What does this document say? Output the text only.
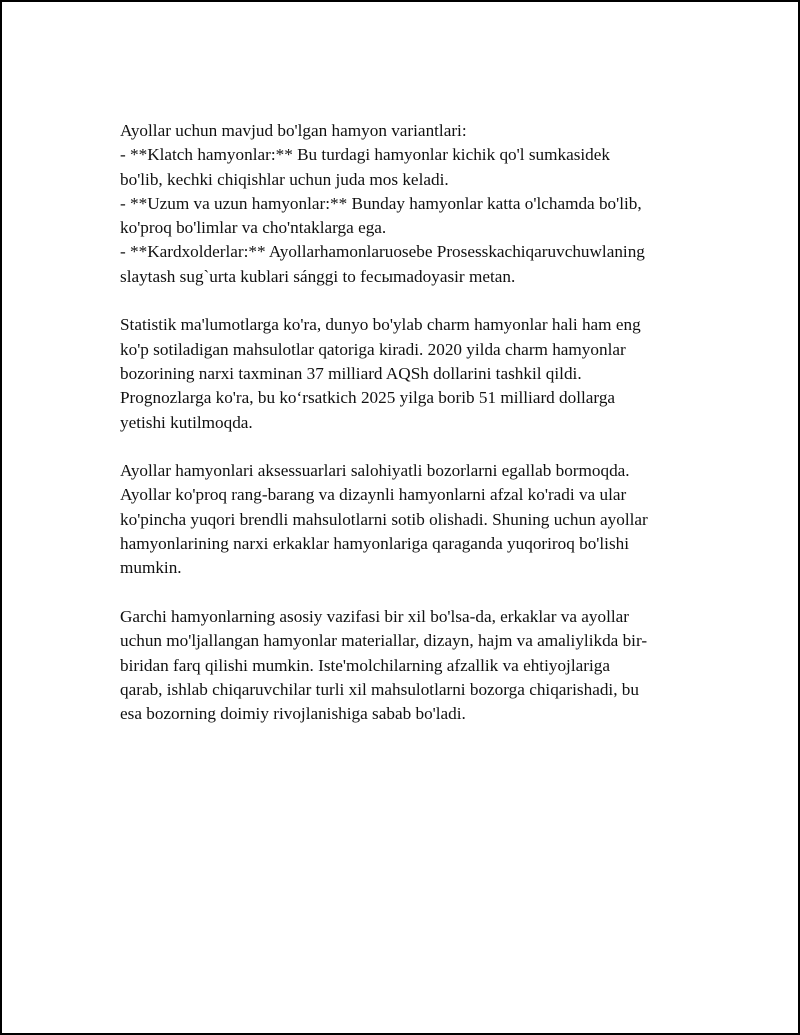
Ayollar uchun mavjud bo'lgan hamyon variantlari:
- **Klatch hamyonlar:** Bu turdagi hamyonlar kichik qo'l sumkasidek
bo'lib, kechki chiqishlar uchun juda mos keladi.
- **Uzum va uzun hamyonlar:** Bunday hamyonlar katta o'lchamda bo'lib,
ko'proq bo'limlar va cho'ntaklarga ega.
- **Kardxolderlar:** Ayollarhamonlaruosebe Prosesskachiqaruvchuwlaning
slaytash sug`urta kublari sánggi to fесыmadoyasir metan.

Statistik ma'lumotlarga ko'ra, dunyo bo'ylab charm hamyonlar hali ham eng
ko'p sotiladigan mahsulotlar qatoriga kiradi. 2020 yilda charm hamyonlar
bozorining narxi taxminan 37 milliard AQSh dollarini tashkil qildi.
Prognozlarga ko'ra, bu ko‘rsatkich 2025 yilga borib 51 milliard dollarga
yetishi kutilmoqda.

Ayollar hamyonlari aksessuarlari salohiyatli bozorlarni egallab bormoqda.
Ayollar ko'proq rang-barang va dizaynli hamyonlarni afzal ko'radi va ular
ko'pincha yuqori brendli mahsulotlarni sotib olishadi. Shuning uchun ayollar
hamyonlarining narxi erkaklar hamyonlariga qaraganda yuqoriroq bo'lishi
mumkin.

Garchi hamyonlarning asosiy vazifasi bir xil bo'lsa-da, erkaklar va ayollar
uchun mo'ljallangan hamyonlar materiallar, dizayn, hajm va amaliylikda bir-
biridan farq qilishi mumkin. Iste'molchilarning afzallik va ehtiyojlariga
qarab, ishlab chiqaruvchilar turli xil mahsulotlarni bozorga chiqarishadi, bu
esa bozorning doimiy rivojlanishiga sabab bo'ladi.
